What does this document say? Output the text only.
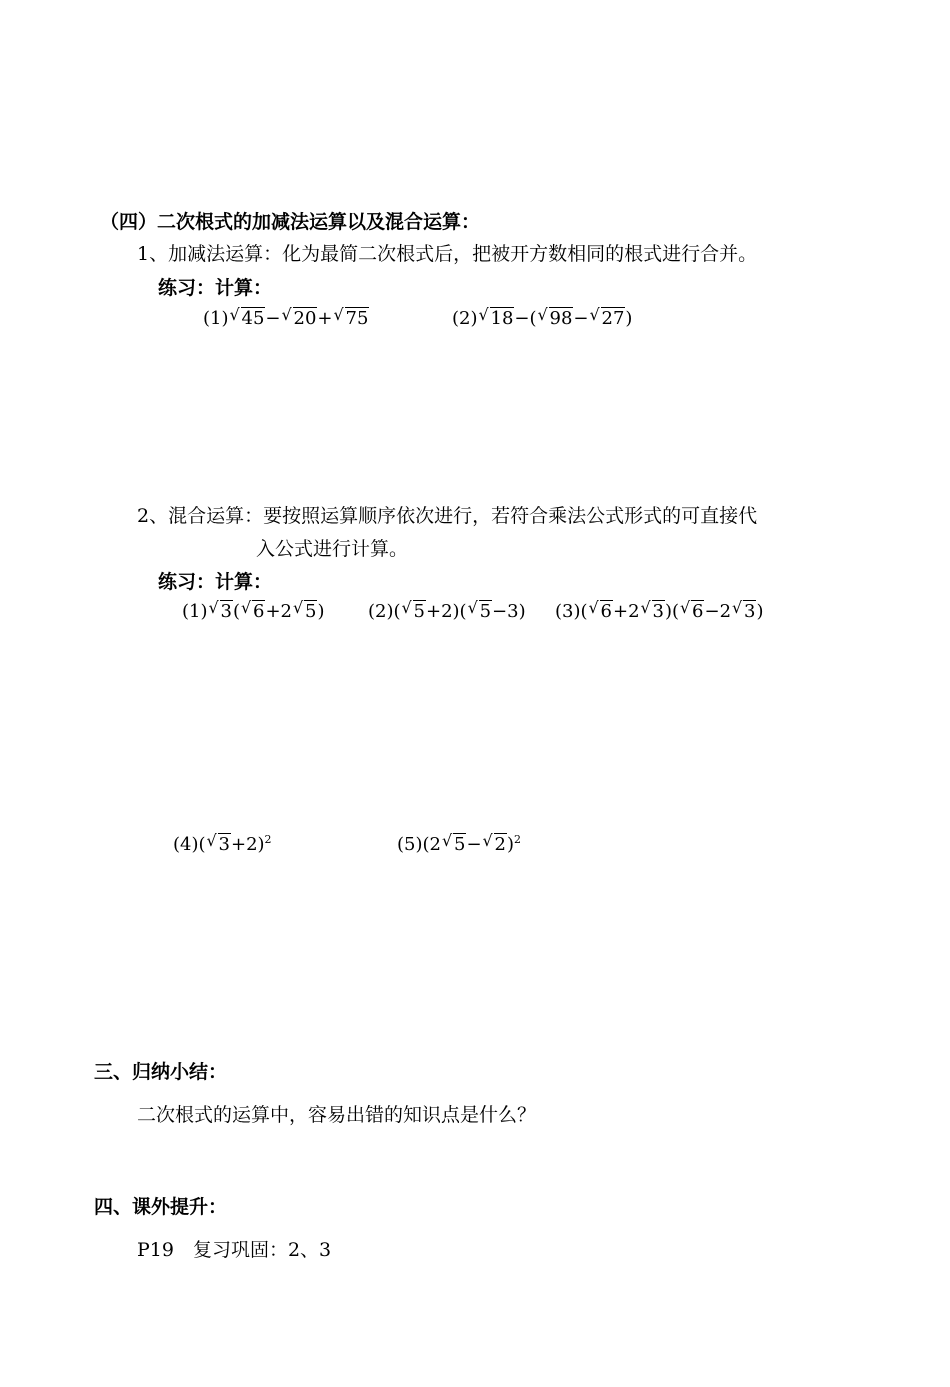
（四）二次根式的加减法运算以及混合运算：
1、加减法运算：化为最简二次根式后，把被开方数相同的根式进行合并。
练习：计算：
(1) √ 45− √ 20+ √ 75	(2) √ 18−( √ 98− √ 27)
2、混合运算：要按照运算顺序依次进行，若符合乘法公式形式的可直接代
入公式进行计算。
练习：计算：
(1) √ 3( √ 6+2 √ 5) (2)( √ 5+2)( √ 5−3) (3)( √ 6+2 √ 3)( √ 6−2 √ 3)
(4)( √ 3+2)$^2$	(5)(2 √ 5− √ 2)$^2$
三、归纳小结：
二次根式的运算中，容易出错的知识点是什么？
四、课外提升：
P19　复习巩固：2、3
